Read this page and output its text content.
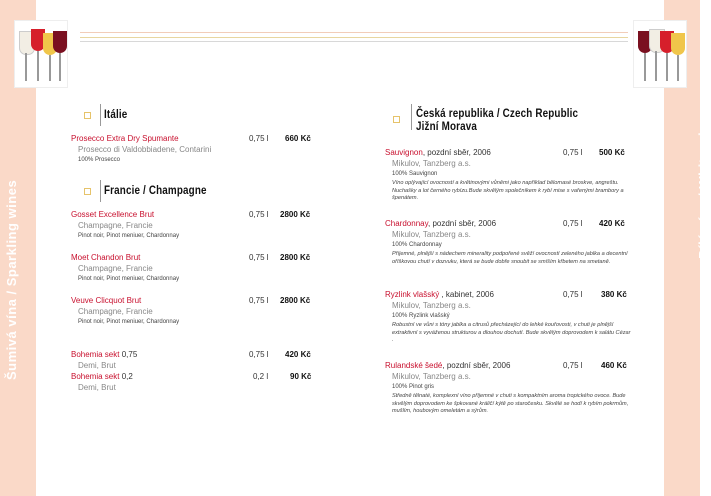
Šumivá vína / Sparkling wines	Bílá vína / White wines
Itálie
Prosecco Extra Dry Spumante	0,75 l 660 Kč
Prosecco di Valdobbiadene, Contarini
100% Prosecco
Francie / Champagne
Gosset Excellence Brut	0,75 l 2800 Kč
Champagne, Francie
Pinot noir, Pinot meniuer, Chardonnay
Moet Chandon Brut	0,75 l 2800 Kč
Champagne, Francie
Pinot noir, Pinot meniuer, Chardonnay
Veuve Clicquot Brut	0,75 l 2800 Kč
Champagne, Francie
Pinot noir, Pinot meniuer, Chardonnay
Bohemia sekt 0,75	0,75 l 420 Kč
Demi, Brut
Bohemia sekt 0,2	0,2 l	90 Kč
Demi, Brut
Česká republika / Czech Republic
Jižní Morava
Sauvignon, pozdní sběr, 2006	0,75 l 500 Kč
Mikulov, Tanzberg a.s.
100% Sauvignon
Víno oplývající ovocností a květinovými vůněmi jako například bělomasé broskve, angreštu. Nuchašky a lot černého rybízu.Bude skvělým společníkem k rybí mise s vařenými brambory a špenátem.
Chardonnay, pozdní sběr, 2006	0,75 l 420 Kč
Mikulov, Tanzberg a.s.
100% Chardonnay
Příjemné, plnější s nádechem minerality podpořené svěží ovocností zeleného jablka a decentní oříškovou chutí v dozvuku, která se bude dobře snoubit se smíším křbetem na smetaně.
Ryzlink vlašský , kabinet, 2006	0,75 l 380 Kč
Mikulov, Tanzberg a.s.
100% Ryzlink vlašský
Robustní ve vůni s tóny jablka a citrusů přecházející do lehké kouřovosti, v chuti je plnější extraktivní s vyváženou strukturou a dlouhou dochutí. Bude skvělým doprovodem k salátu Cézar .
Rulandské šedé, pozdní sběr, 2006	0,75 l 460 Kč
Mikulov, Tanzberg a.s.
100% Pinot gris
Středně tělnaté, komplexní víno příjemné v chuti s kompaktním aroma tropického ovoce. Bude skvělým doprovodem ke špkované králičí kýtě po staročesku. Skvělé se hodí k rybím pokrmům, mušlím, houbovým omeletám a sýrům.
